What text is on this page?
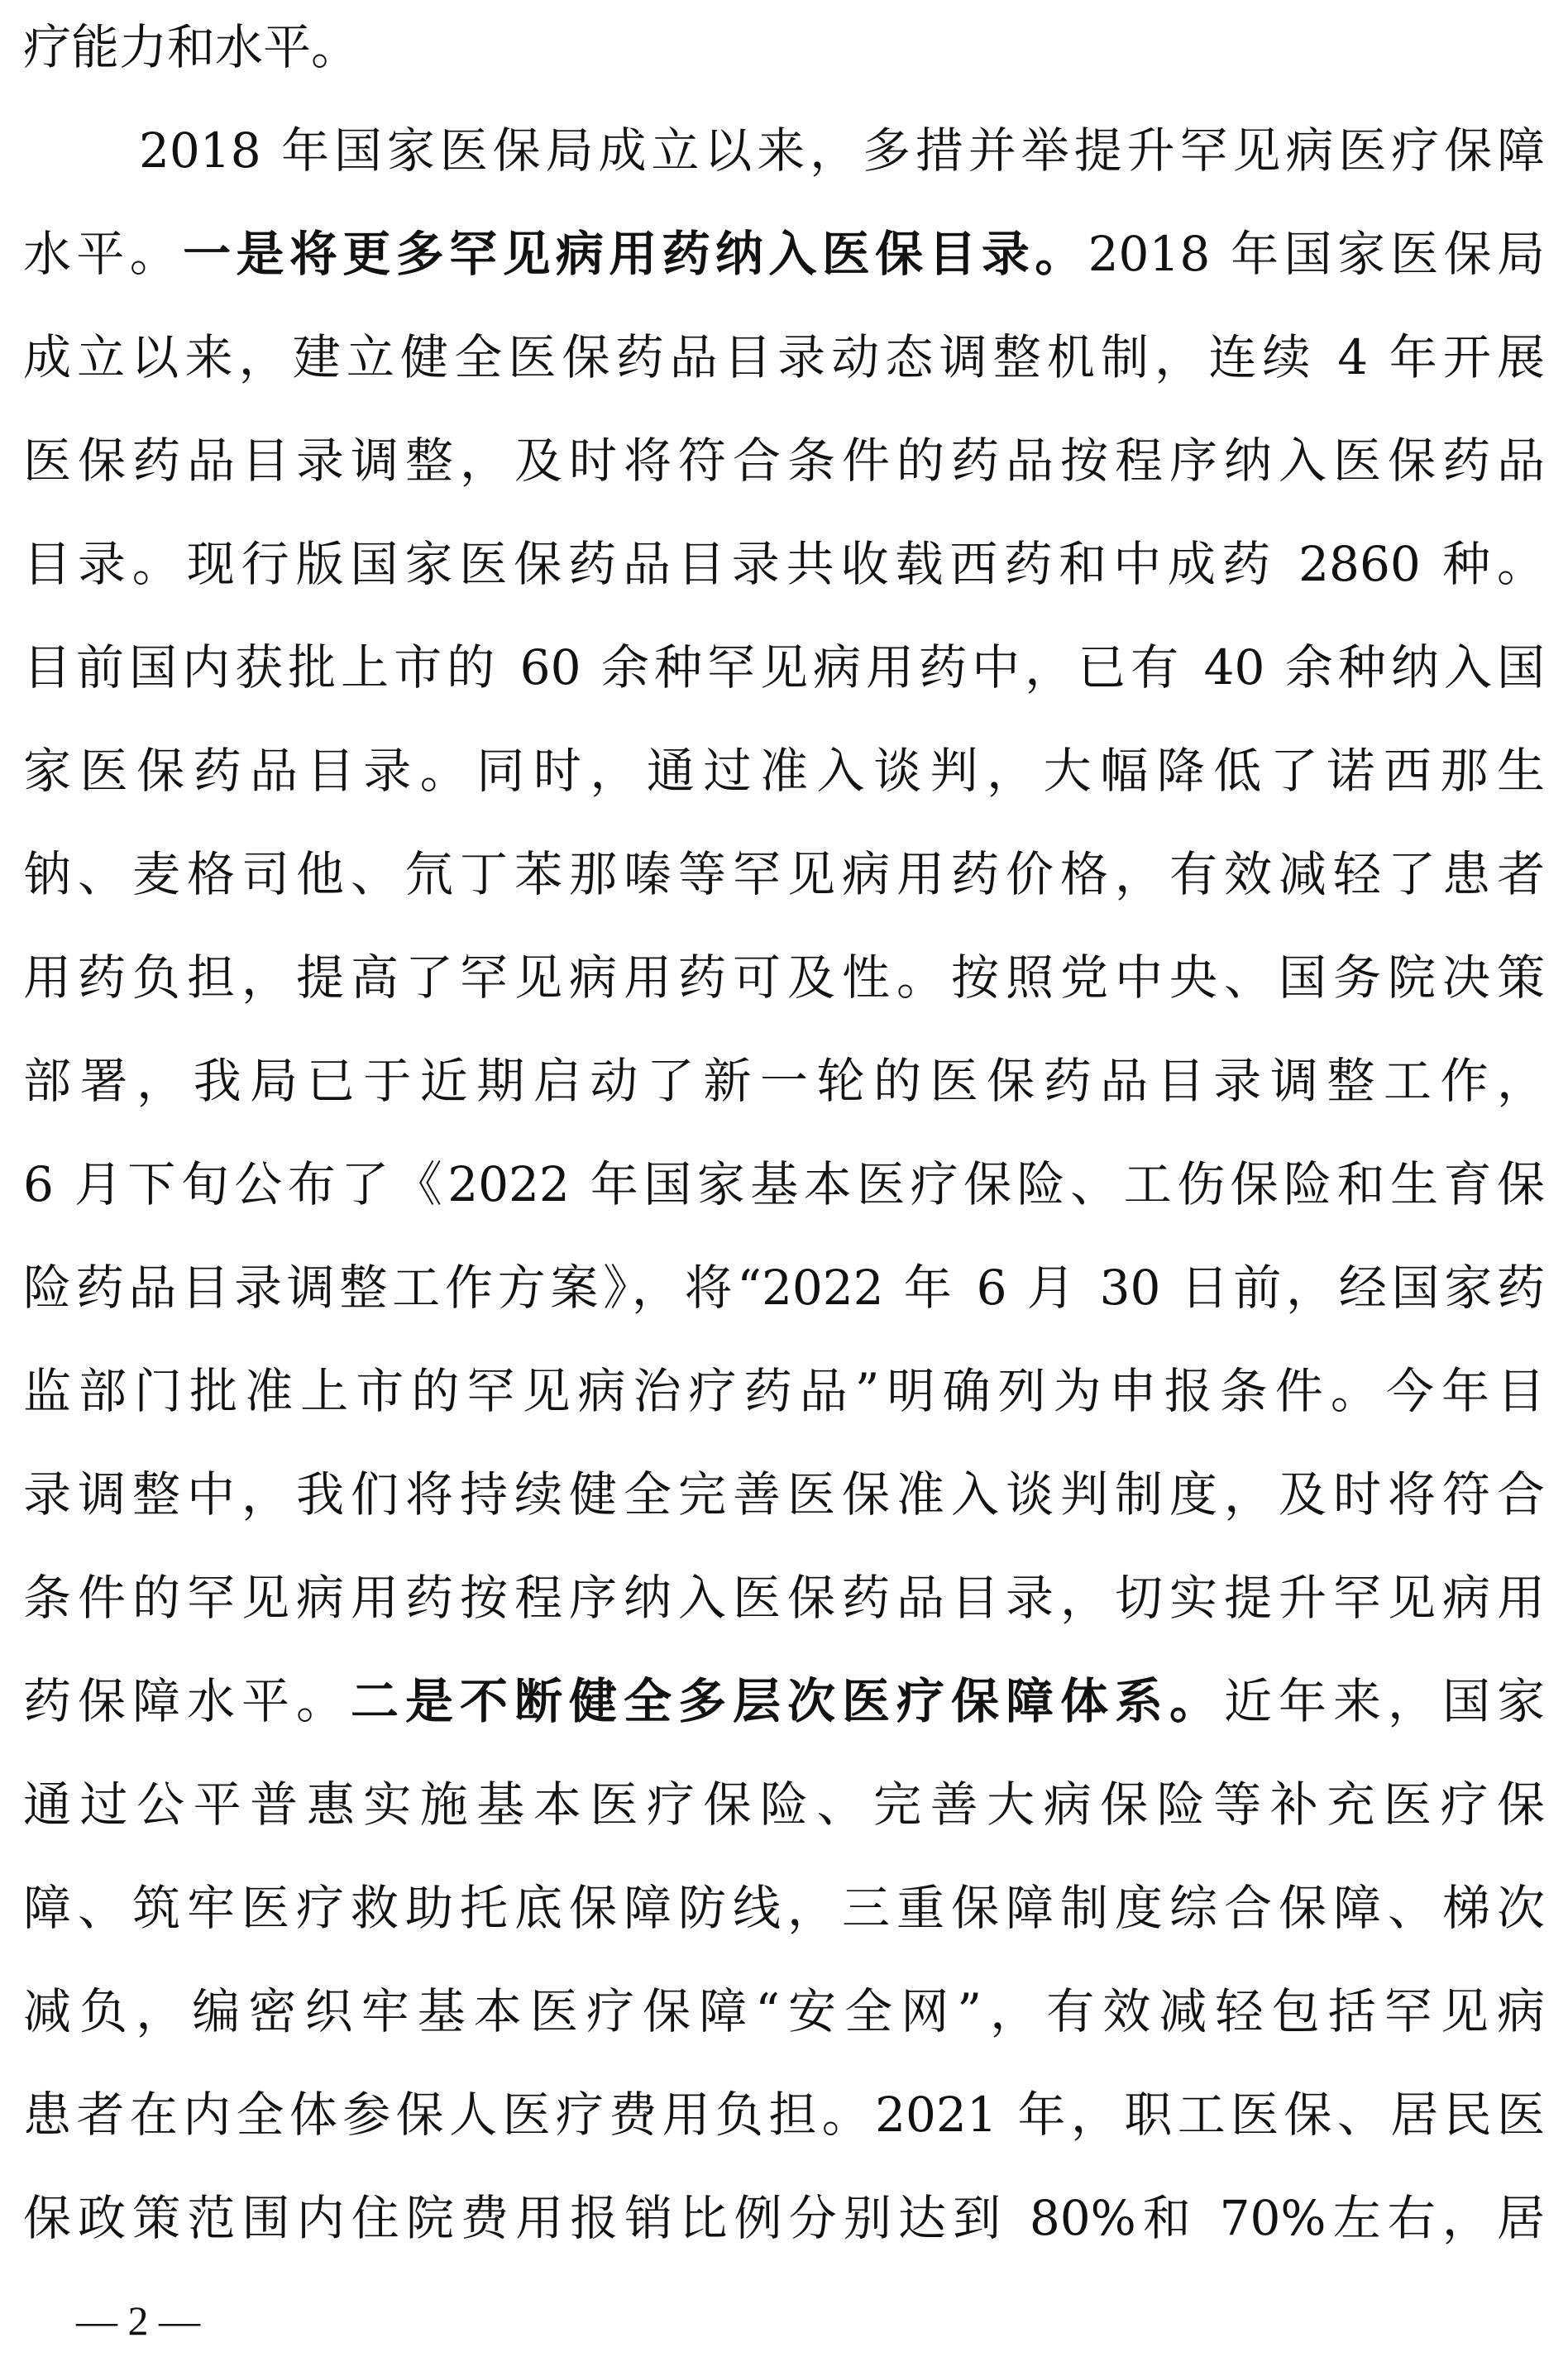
疗能力和水平。
2018 年国家医保局成立以来，多措并举提升罕见病医疗保障
水平。一是将更多罕见病用药纳入医保目录。2018 年国家医保局
成立以来，建立健全医保药品目录动态调整机制，连续 4 年开展
医保药品目录调整，及时将符合条件的药品按程序纳入医保药品
目录。现行版国家医保药品目录共收载西药和中成药 2860 种。
目前国内获批上市的 60 余种罕见病用药中，已有 40 余种纳入国
家医保药品目录。同时，通过准入谈判，大幅降低了诺西那生
钠、麦格司他、氘丁苯那嗪等罕见病用药价格，有效减轻了患者
用药负担，提高了罕见病用药可及性。按照党中央、国务院决策
部署，我局已于近期启动了新一轮的医保药品目录调整工作，
6 月下旬公布了《2022 年国家基本医疗保险、工伤保险和生育保
险药品目录调整工作方案》，将“2022 年 6 月 30 日前，经国家药
监部门批准上市的罕见病治疗药品”明确列为申报条件。今年目
录调整中，我们将持续健全完善医保准入谈判制度，及时将符合
条件的罕见病用药按程序纳入医保药品目录，切实提升罕见病用
药保障水平。二是不断健全多层次医疗保障体系。近年来，国家
通过公平普惠实施基本医疗保险、完善大病保险等补充医疗保
障、筑牢医疗救助托底保障防线，三重保障制度综合保障、梯次
减负，编密织牢基本医疗保障“安全网”，有效减轻包括罕见病
患者在内全体参保人医疗费用负担。2021 年，职工医保、居民医
保政策范围内住院费用报销比例分别达到 80%和 70%左右，居
— 2 —
